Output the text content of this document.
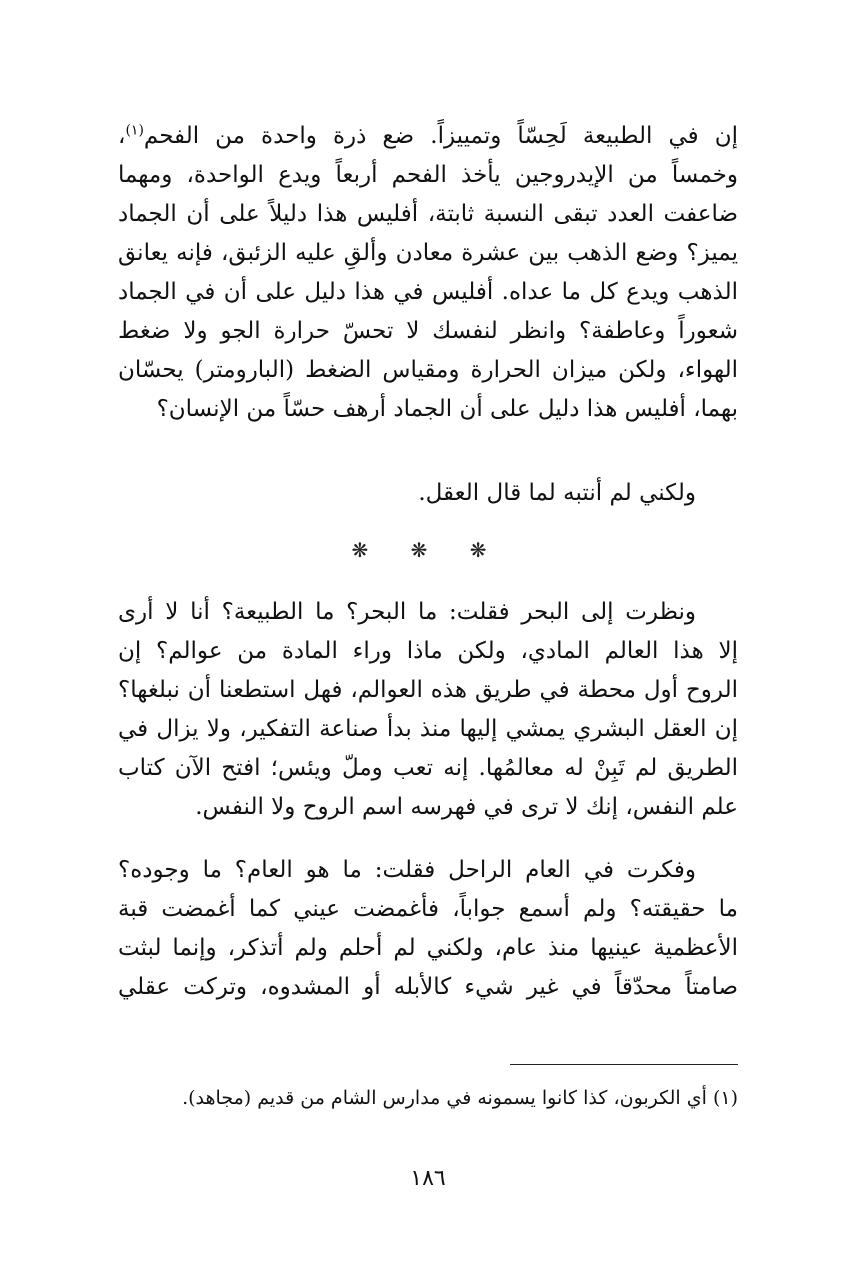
إن في الطبيعة لَحِسّاً وتمييزاً. ضع ذرة واحدة من الفحم$^{(١)}$،
وخمساً من الإيدروجين يأخذ الفحم أربعاً ويدع الواحدة، ومهما
ضاعفت العدد تبقى النسبة ثابتة، أفليس هذا دليلاً على أن الجماد
يميز؟ وضع الذهب بين عشرة معادن وألقِ عليه الزئبق، فإنه يعانق
الذهب ويدع كل ما عداه. أفليس في هذا دليل على أن في الجماد
شعوراً وعاطفة؟ وانظر لنفسك لا تحسّ حرارة الجو ولا ضغط
الهواء، ولكن ميزان الحرارة ومقياس الضغط (البارومتر) يحسّان
بهما، أفليس هذا دليل على أن الجماد أرهف حسّاً من الإنسان؟
ولكني لم أنتبه لما قال العقل.
❋ ❋ ❋
ونظرت إلى البحر فقلت: ما البحر؟ ما الطبيعة؟ أنا لا أرى
إلا هذا العالم المادي، ولكن ماذا وراء المادة من عوالم؟ إن
الروح أول محطة في طريق هذه العوالم، فهل استطعنا أن نبلغها؟
إن العقل البشري يمشي إليها منذ بدأ صناعة التفكير، ولا يزال في
الطريق لم تَبِنْ له معالمُها. إنه تعب وملّ ويئس؛ افتح الآن كتاب
علم النفس، إنك لا ترى في فهرسه اسم الروح ولا النفس.
وفكرت في العام الراحل فقلت: ما هو العام؟ ما وجوده؟
ما حقيقته؟ ولم أسمع جواباً، فأغمضت عيني كما أغمضت قبة
الأعظمية عينيها منذ عام، ولكني لم أحلم ولم أتذكر، وإنما لبثت
صامتاً محدّقاً في غير شيء كالأبله أو المشدوه، وتركت عقلي
(١) أي الكربون، كذا كانوا يسمونه في مدارس الشام من قديم (مجاهد).
١٨٦
